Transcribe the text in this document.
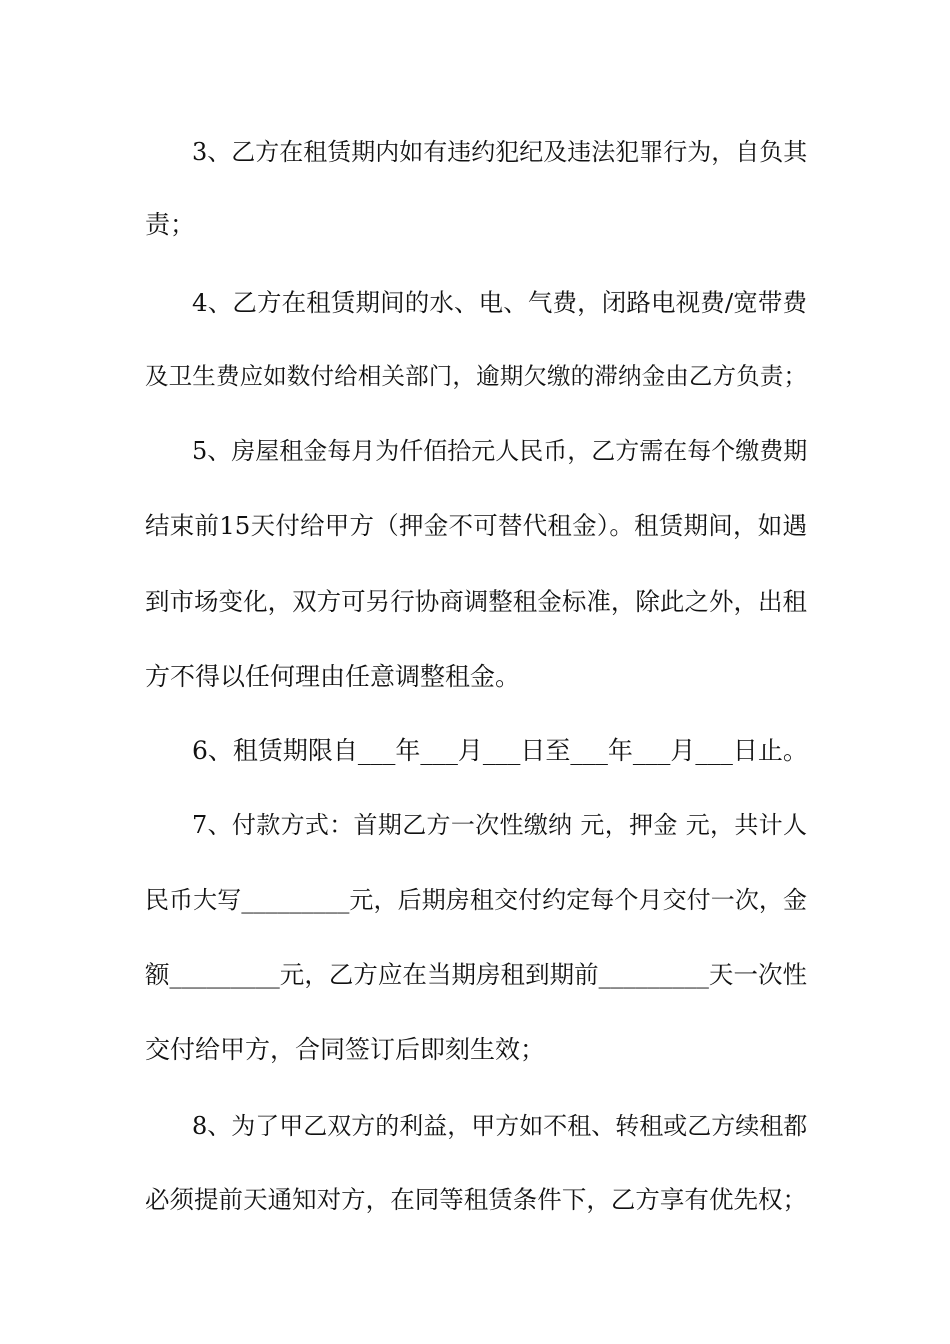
3、乙方在租赁期内如有违约犯纪及违法犯罪行为，自负其
责；
4、乙方在租赁期间的水、电、气费，闭路电视费/宽带费
及卫生费应如数付给相关部门，逾期欠缴的滞纳金由乙方负责；
5、房屋租金每月为仟佰拾元人民币，乙方需在每个缴费期
结束前15天付给甲方（押金不可替代租金）。租赁期间，如遇
到市场变化，双方可另行协商调整租金标准，除此之外，出租
方不得以任何理由任意调整租金。
6、租赁期限自___年___月___日至___年___月___日止。
7、付款方式：首期乙方一次性缴纳 元，押金 元，共计人
民币大写_________元，后期房租交付约定每个月交付一次，金
额_________元，乙方应在当期房租到期前_________天一次性
交付给甲方，合同签订后即刻生效；
8、为了甲乙双方的利益，甲方如不租、转租或乙方续租都
必须提前天通知对方，在同等租赁条件下，乙方享有优先权；
